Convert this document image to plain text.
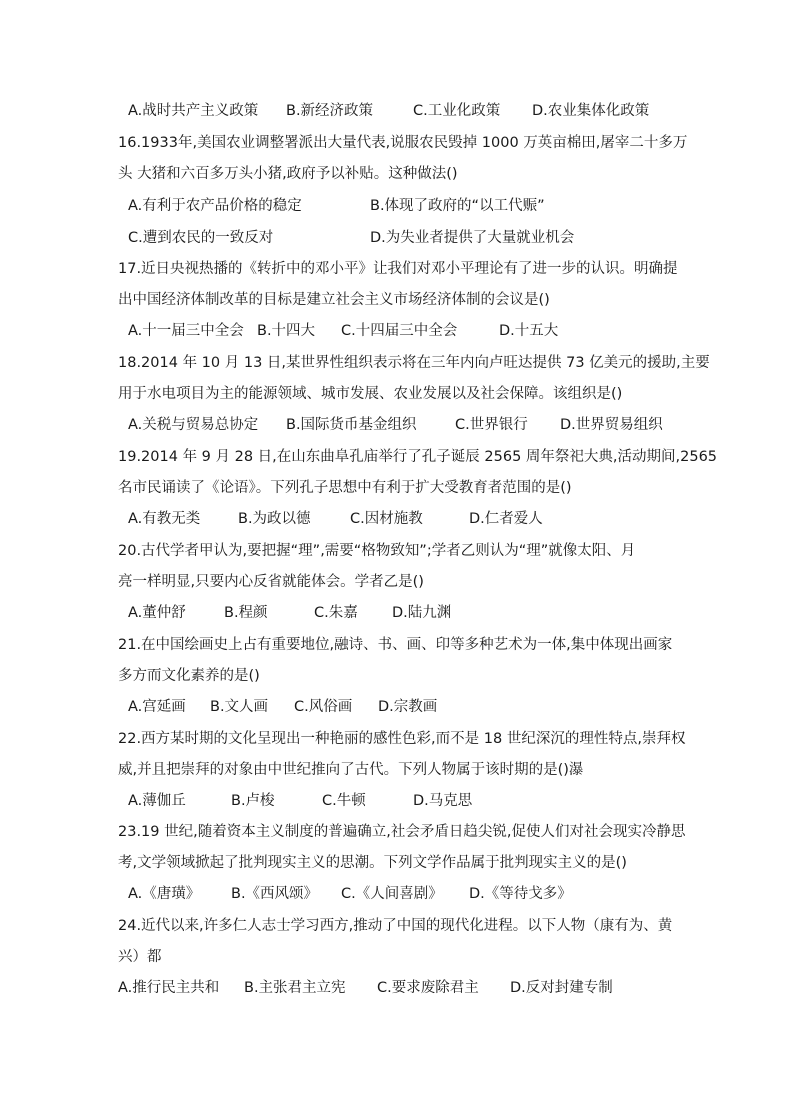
A.战时共产主义政策 B.新经济政策	C.工业化政策 D.农业集体化政策
16.1933年,美国农业调整署派出大量代表,说服农民毁掉 1000 万英亩棉田,屠宰二十多万
头 大猪和六百多万头小猪,政府予以补贴。这种做法()
A.有利于农产品价格的稳定	B.体现了政府的“以工代赈”
C.遭到农民的一致反对	D.为失业者提供了大量就业机会
17.近日央视热播的《转折中的邓小平》让我们对邓小平理论有了进一步的认识。明确提
出中国经济体制改革的目标是建立社会主义市场经济体制的会议是()
A.十一届三中全会 B.十四大 C.十四届三中全会	D.十五大
18.2014 年 10 月 13 日,某世界性组织表示将在三年内向卢旺达提供 73 亿美元的援助,主要
用于水电项目为主的能源领域、城市发展、农业发展以及社会保障。该组织是()
A.关税与贸易总协定 B.国际货币基金组织	C.世界银行 D.世界贸易组织
19.2014 年 9 月 28 日,在山东曲阜孔庙举行了孔子诞辰 2565 周年祭祀大典,活动期间,2565
名市民诵读了《论语》。下列孔子思想中有利于扩大受教育者范围的是()
A.有教无类	B.为政以德	C.因材施教	D.仁者爱人
20.古代学者甲认为,要把握“理”,需要“格物致知”;学者乙则认为“理”就像太阳、月
亮一样明显,只要内心反省就能体会。学者乙是()
A.董仲舒	B.程颜	C.朱嘉 D.陆九渊
21.在中国绘画史上占有重要地位,融诗、书、画、印等多种艺术为一体,集中体现出画家
多方而文化素养的是()
A.宫延画 B.文人画 C.风俗画 D.宗教画
22.西方某时期的文化呈现出一种艳丽的感性色彩,而不是 18 世纪深沉的理性特点,崇拜权
威,并且把崇拜的对象由中世纪推向了古代。下列人物属于该时期的是()瀑
A.薄伽丘	B.卢梭	C.牛顿	D.马克思
23.19 世纪,随着资本主义制度的普遍确立,社会矛盾日趋尖锐,促使人们对社会现实冷静思
考,文学领域掀起了批判现实主义的思潮。下列文学作品属于批判现实主义的是()
A.《唐璜》 B.《西风颂》 C.《人间喜剧》 D.《等待戈多》
24.近代以来,许多仁人志士学习西方,推动了中国的现代化进程。以下人物（康有为、黄
兴）都
A.推行民主共和 B.主张君主立宪 C.要求废除君主 D.反对封建专制
